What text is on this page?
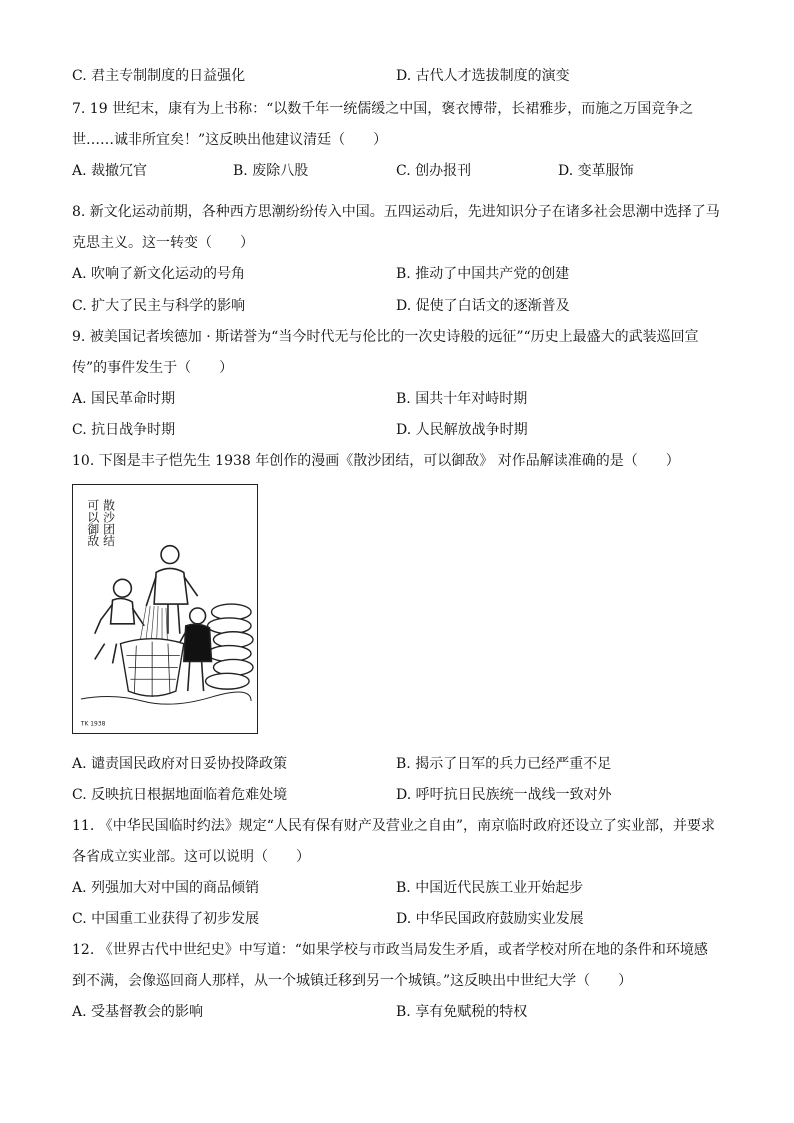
C. 君主专制制度的日益强化	D. 古代人才选拔制度的演变
7. 19 世纪末，康有为上书称：“以数千年一统儒缓之中国，褒衣博带，长裙雅步，而施之万国竞争之
世……诚非所宜矣！”这反映出他建议清廷（　　）
A. 裁撤冗官	B. 废除八股	C. 创办报刊	D. 变革服饰
8. 新文化运动前期，各种西方思潮纷纷传入中国。五四运动后，先进知识分子在诸多社会思潮中选择了马
克思主义。这一转变（　　）
A. 吹响了新文化运动的号角	B. 推动了中国共产党的创建
C. 扩大了民主与科学的影响	D. 促使了白话文的逐渐普及
9. 被美国记者埃德加 · 斯诺誉为“当今时代无与伦比的一次史诗般的远征”“历史上最盛大的武装巡回宣
传”的事件发生于（　　）
A. 国民革命时期	B. 国共十年对峙时期
C. 抗日战争时期	D. 人民解放战争时期
10. 下图是丰子恺先生 1938 年创作的漫画《散沙团结，可以御敌》 对作品解读准确的是（　　）
散沙团结
可以御敌
TK 1938
A. 谴责国民政府对日妥协投降政策	B. 揭示了日军的兵力已经严重不足
C. 反映抗日根据地面临着危难处境	D. 呼吁抗日民族统一战线一致对外
11. 《中华民国临时约法》规定“人民有保有财产及营业之自由”，南京临时政府还设立了实业部，并要求
各省成立实业部。这可以说明（　　）
A. 列强加大对中国的商品倾销	B. 中国近代民族工业开始起步
C. 中国重工业获得了初步发展	D. 中华民国政府鼓励实业发展
12. 《世界古代中世纪史》中写道：“如果学校与市政当局发生矛盾，或者学校对所在地的条件和环境感
到不满，会像巡回商人那样，从一个城镇迁移到另一个城镇。”这反映出中世纪大学（　　）
A. 受基督教会的影响	B. 享有免赋税的特权
